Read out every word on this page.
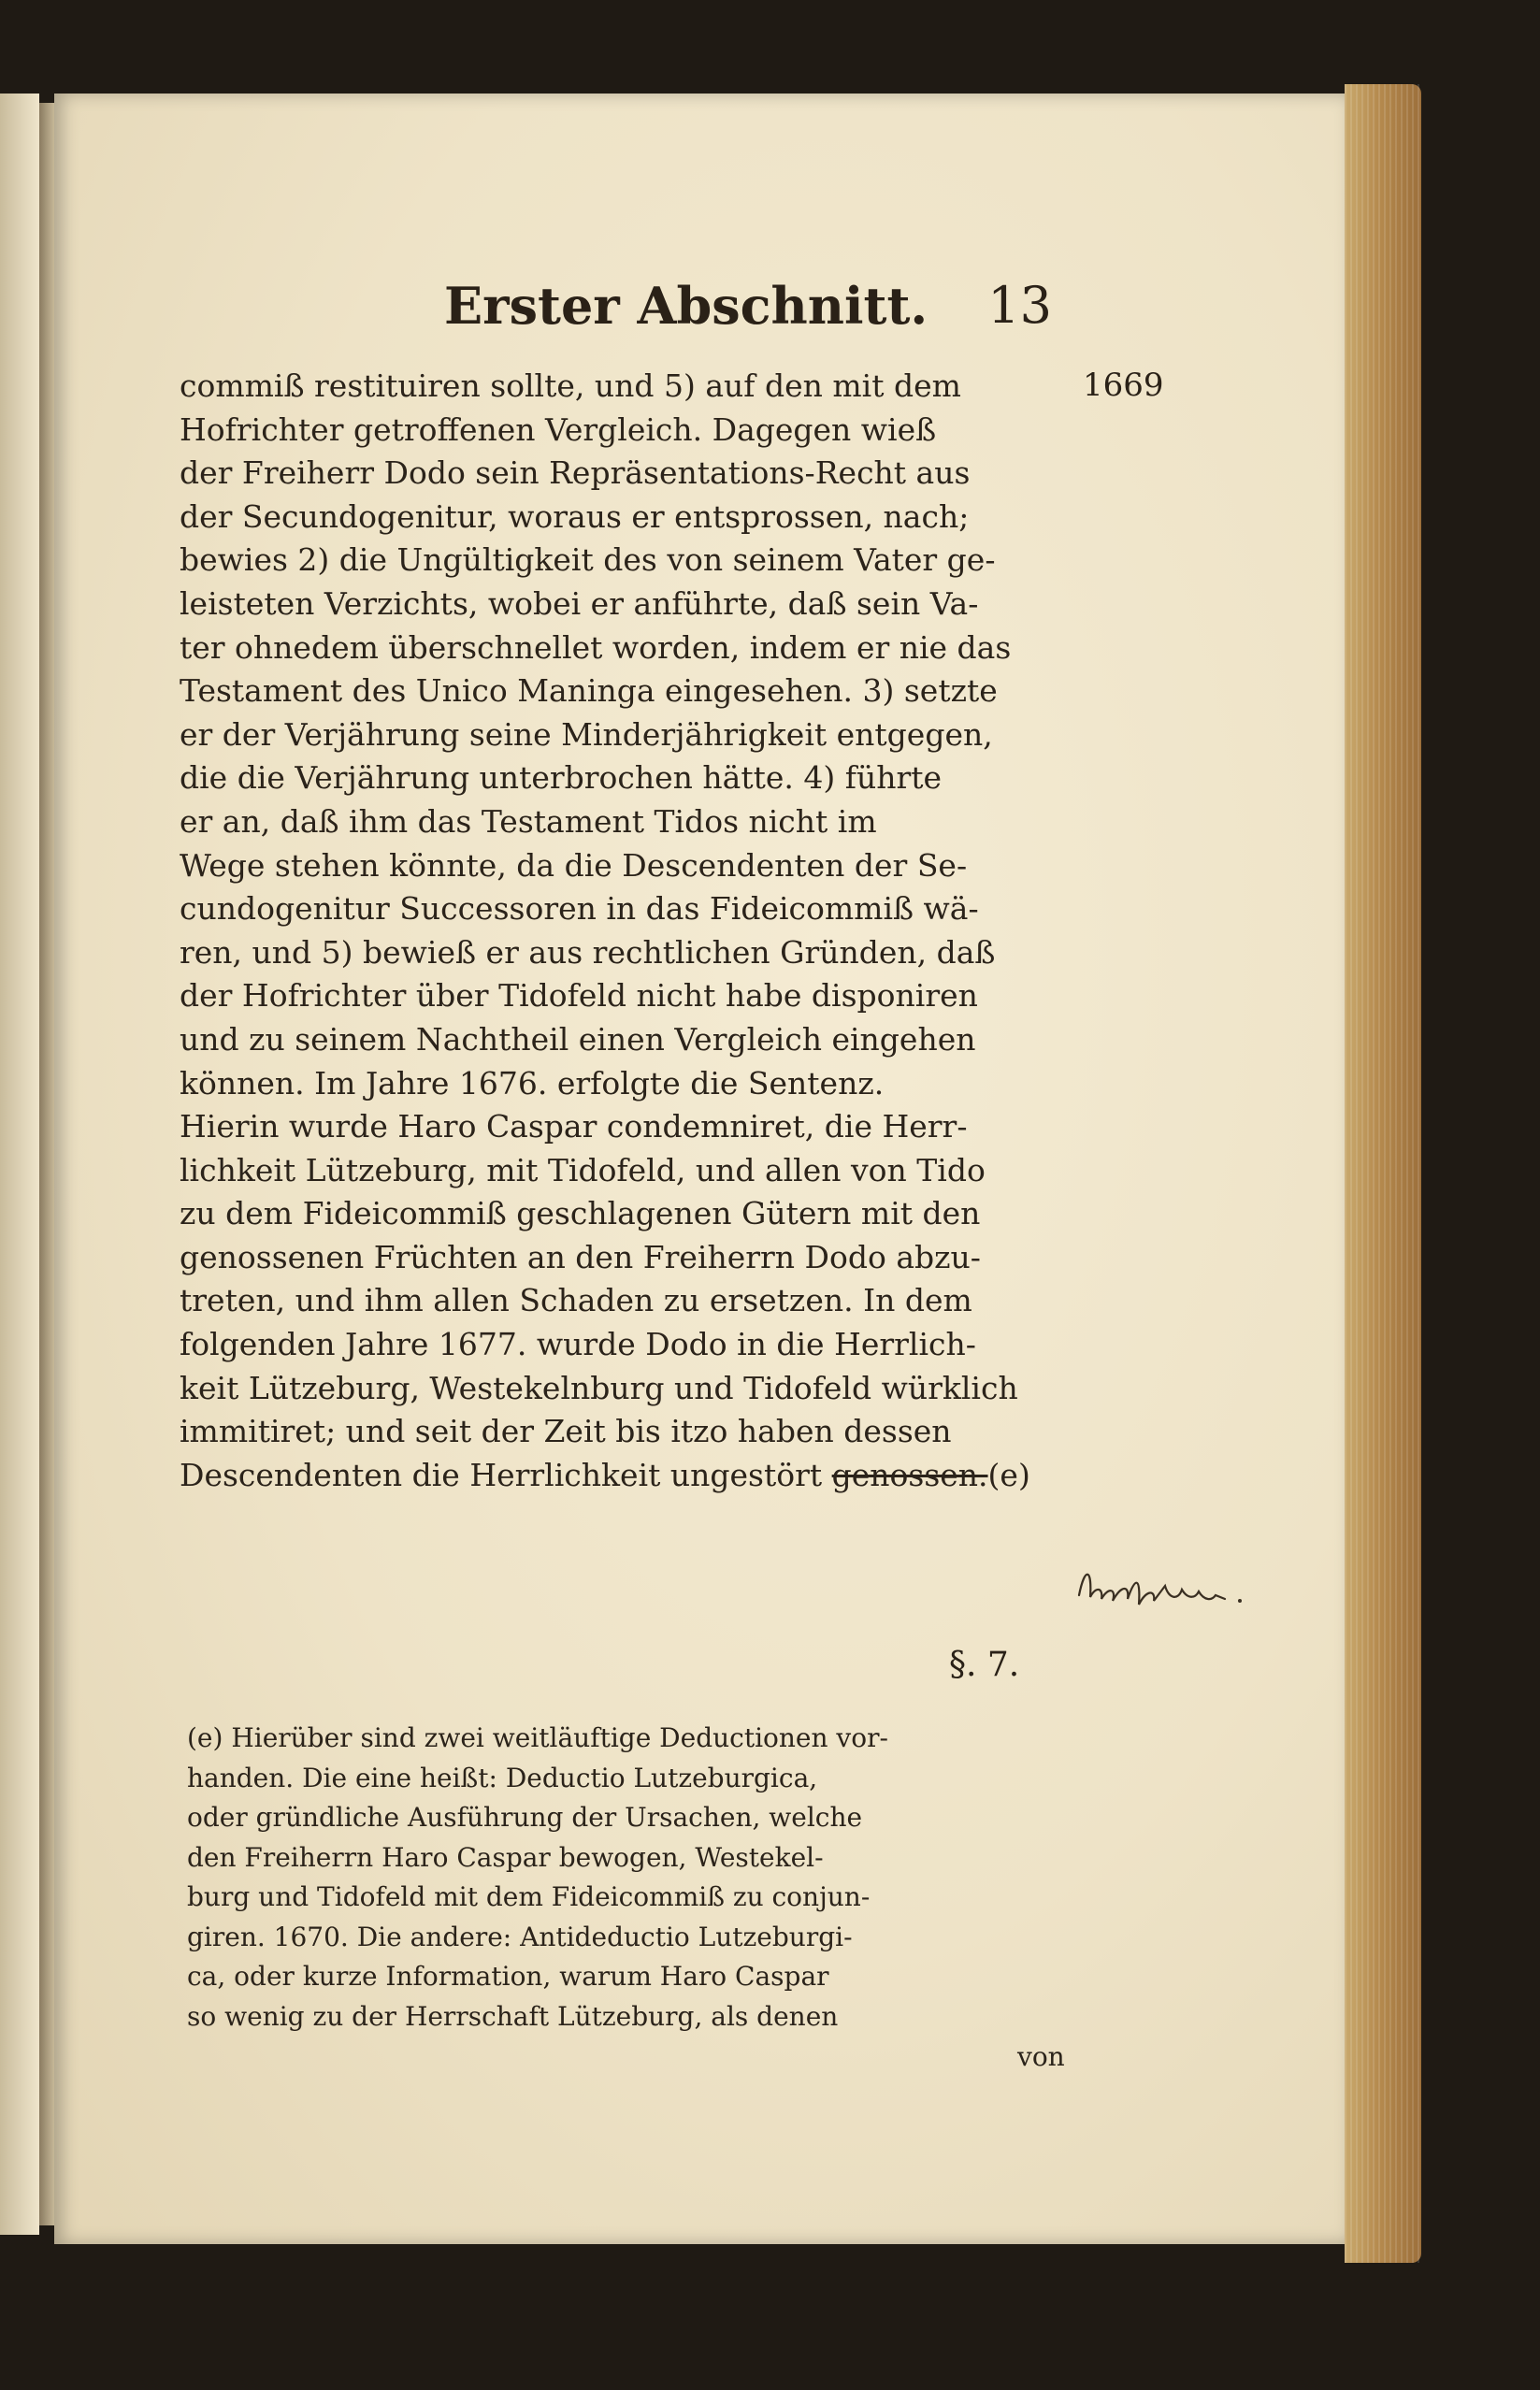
Erster Abschnitt. 13
1669
commiß restituiren sollte, und 5) auf den mit dem
Hofrichter getroffenen Vergleich. Dagegen wieß
der Freiherr Dodo sein Repräsentations-Recht aus
der Secundogenitur, woraus er entsprossen, nach;
bewies 2) die Ungültigkeit des von seinem Vater ge-
leisteten Verzichts, wobei er anführte, daß sein Va-
ter ohnedem überschnellet worden, indem er nie das
Testament des Unico Maninga eingesehen. 3) setzte
er der Verjährung seine Minderjährigkeit entgegen,
die die Verjährung unterbrochen hätte. 4) führte
er an, daß ihm das Testament Tidos nicht im
Wege stehen könnte, da die Descendenten der Se-
cundogenitur Successoren in das Fideicommiß wä-
ren, und 5) bewieß er aus rechtlichen Gründen, daß
der Hofrichter über Tidofeld nicht habe disponiren
und zu seinem Nachtheil einen Vergleich eingehen
können. Im Jahre 1676. erfolgte die Sentenz.
Hierin wurde Haro Caspar condemniret, die Herr-
lichkeit Lützeburg, mit Tidofeld, und allen von Tido
zu dem Fideicommiß geschlagenen Gütern mit den
genossenen Früchten an den Freiherrn Dodo abzu-
treten, und ihm allen Schaden zu ersetzen. In dem
folgenden Jahre 1677. wurde Dodo in die Herrlich-
keit Lützeburg, Westekelnburg und Tidofeld würklich
immitiret; und seit der Zeit bis itzo haben dessen
Descendenten die Herrlichkeit ungestört genossen.(e)
§. 7.
(e) Hierüber sind zwei weitläuftige Deductionen vor-
handen. Die eine heißt: Deductio Lutzeburgica,
oder gründliche Ausführung der Ursachen, welche
den Freiherrn Haro Caspar bewogen, Westekel-
burg und Tidofeld mit dem Fideicommiß zu conjun-
giren. 1670. Die andere: Antideductio Lutzeburgi-
ca, oder kurze Information, warum Haro Caspar
so wenig zu der Herrschaft Lützeburg, als denen
von
